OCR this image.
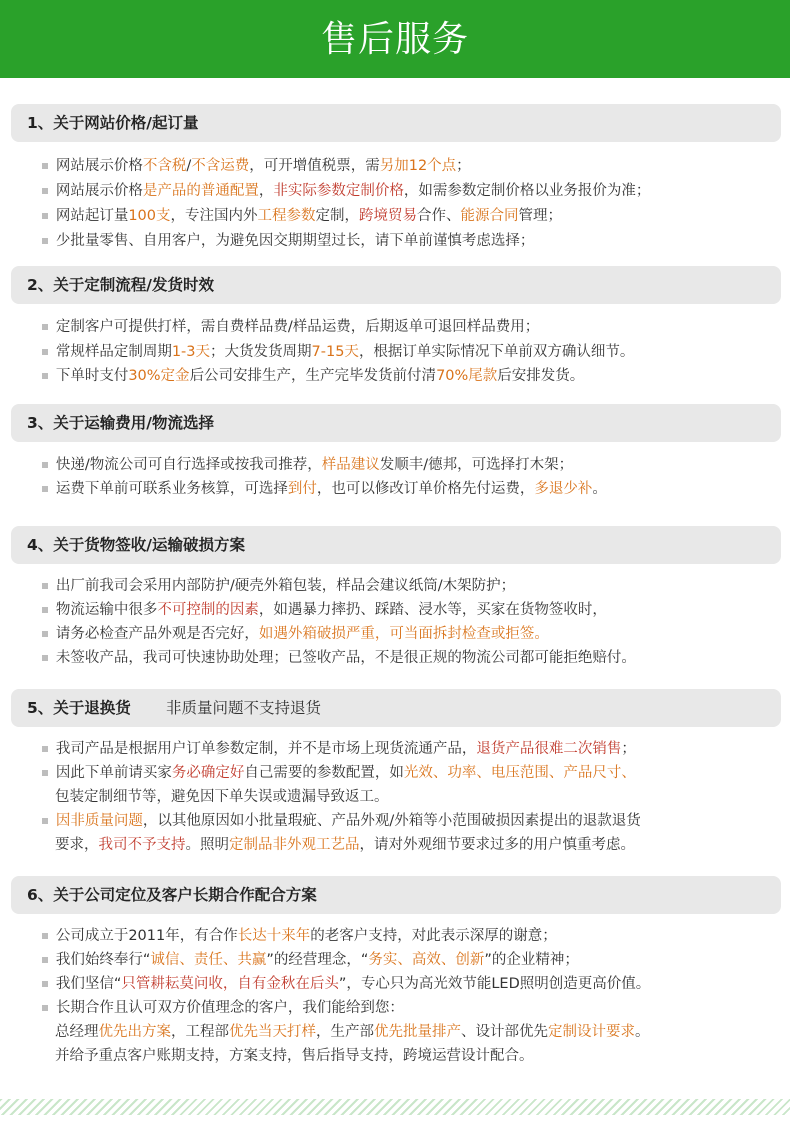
售后服务
1、关于网站价格/起订量
网站展示价格不含税/不含运费，可开增值税票，需另加12个点；
网站展示价格是产品的普通配置，非实际参数定制价格，如需参数定制价格以业务报价为准；
网站起订量100支，专注国内外工程参数定制，跨境贸易合作、能源合同管理；
少批量零售、自用客户，为避免因交期期望过长，请下单前谨慎考虑选择；
2、关于定制流程/发货时效
定制客户可提供打样，需自费样品费/样品运费，后期返单可退回样品费用；
常规样品定制周期1-3天；大货发货周期7-15天，根据订单实际情况下单前双方确认细节。
下单时支付30%定金后公司安排生产，生产完毕发货前付清70%尾款后安排发货。
3、关于运输费用/物流选择
快递/物流公司可自行选择或按我司推荐，样品建议发顺丰/德邦，可选择打木架；
运费下单前可联系业务核算，可选择到付，也可以修改订单价格先付运费，多退少补。
4、关于货物签收/运输破损方案
出厂前我司会采用内部防护/硬壳外箱包装，样品会建议纸筒/木架防护；
物流运输中很多不可控制的因素，如遇暴力摔扔、踩踏、浸水等，买家在货物签收时，
请务必检查产品外观是否完好，如遇外箱破损严重，可当面拆封检查或拒签。
未签收产品，我司可快速协助处理；已签收产品，不是很正规的物流公司都可能拒绝赔付。
5、关于退换货 非质量问题不支持退货
我司产品是根据用户订单参数定制，并不是市场上现货流通产品，退货产品很难二次销售；
因此下单前请买家务必确定好自己需要的参数配置，如光效、功率、电压范围、产品尺寸、
包装定制细节等，避免因下单失误或遗漏导致返工。
因非质量问题，以其他原因如小批量瑕疵、产品外观/外箱等小范围破损因素提出的退款退货
要求，我司不予支持。照明定制品非外观工艺品，请对外观细节要求过多的用户慎重考虑。
6、关于公司定位及客户长期合作配合方案
公司成立于2011年，有合作长达十来年的老客户支持，对此表示深厚的谢意；
我们始终奉行“诚信、责任、共赢”的经营理念，“务实、高效、创新”的企业精神；
我们坚信“只管耕耘莫问收，自有金秋在后头”，专心只为高光效节能LED照明创造更高价值。
长期合作且认可双方价值理念的客户，我们能给到您：
总经理优先出方案，工程部优先当天打样，生产部优先批量排产、设计部优先定制设计要求。
并给予重点客户账期支持，方案支持，售后指导支持，跨境运营设计配合。
